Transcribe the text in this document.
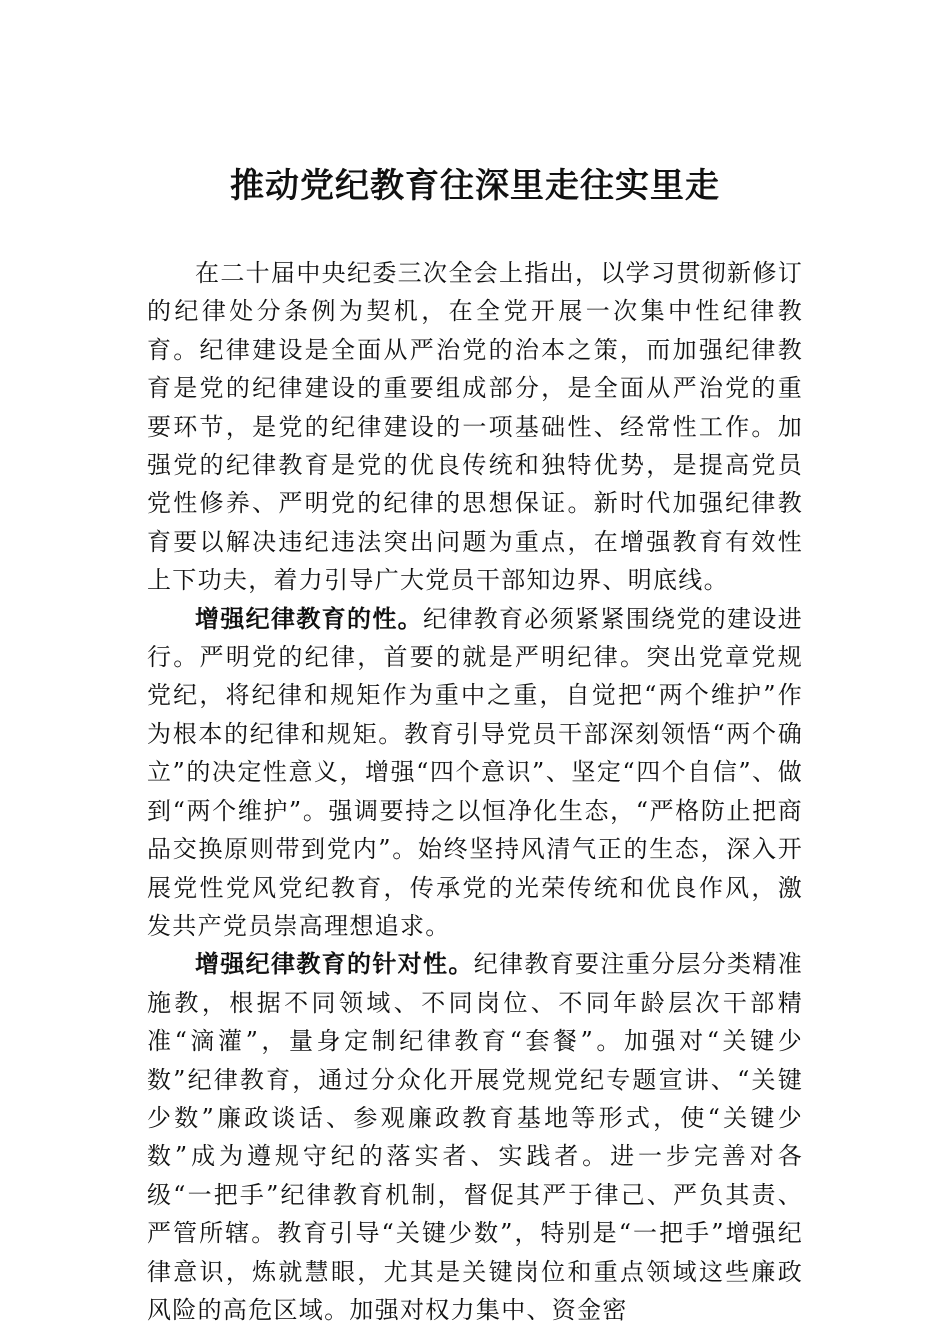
推动党纪教育往深里走往实里走

在二十届中央纪委三次全会上指出，以学习贯彻新修订的纪律处分条例为契机，在全党开展一次集中性纪律教育。纪律建设是全面从严治党的治本之策，而加强纪律教育是党的纪律建设的重要组成部分，是全面从严治党的重要环节，是党的纪律建设的一项基础性、经常性工作。加强党的纪律教育是党的优良传统和独特优势，是提高党员党性修养、严明党的纪律的思想保证。新时代加强纪律教育要以解决违纪违法突出问题为重点，在增强教育有效性上下功夫，着力引导广大党员干部知边界、明底线。

增强纪律教育的性。纪律教育必须紧紧围绕党的建设进行。严明党的纪律，首要的就是严明纪律。突出党章党规党纪，将纪律和规矩作为重中之重，自觉把“两个维护”作为根本的纪律和规矩。教育引导党员干部深刻领悟“两个确立”的决定性意义，增强“四个意识”、坚定“四个自信”、做到“两个维护”。强调要持之以恒净化生态，“严格防止把商品交换原则带到党内”。始终坚持风清气正的生态，深入开展党性党风党纪教育，传承党的光荣传统和优良作风，激发共产党员崇高理想追求。

增强纪律教育的针对性。纪律教育要注重分层分类精准施教，根据不同领域、不同岗位、不同年龄层次干部精准“滴灌”，量身定制纪律教育“套餐”。加强对“关键少数”纪律教育，通过分众化开展党规党纪专题宣讲、“关键少数”廉政谈话、参观廉政教育基地等形式，使“关键少数”成为遵规守纪的落实者、实践者。进一步完善对各级“一把手”纪律教育机制，督促其严于律己、严负其责、严管所辖。教育引导“关键少数”，特别是“一把手”增强纪律意识，炼就慧眼，尤其是关键岗位和重点领域这些廉政风险的高危区域。加强对权力集中、资金密
